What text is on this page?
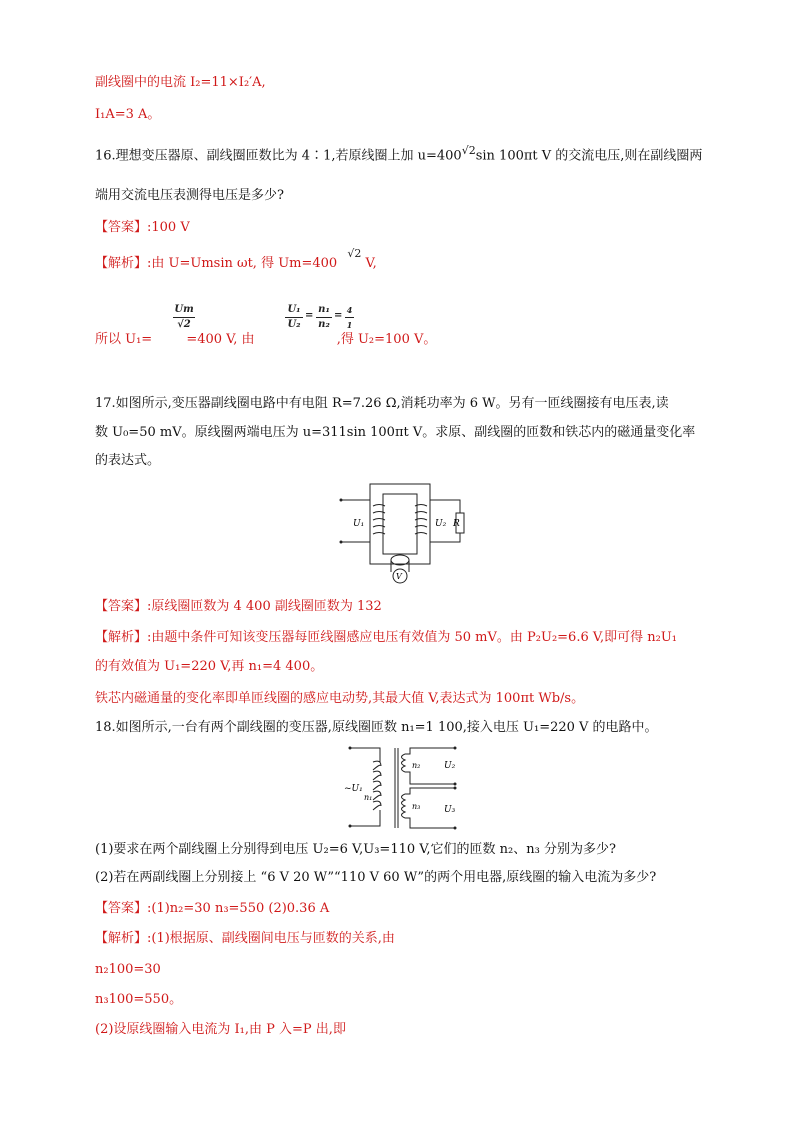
副线圈中的电流 I₂=11×I₂′A,
I₁A=3 A。
16.理想变压器原、副线圈匝数比为 4∶1,若原线圈上加 $u=400^{√2}\sin$ 100πt V 的交流电压,则在副线圈两
端用交流电压表测得电压是多少?
【答案】:100 V
【解析】:由 U=Umsin ωt, 得 Um=400 $^{√2}$ V,
Um
√2
U₁
U₂
=
n₁
n₂
= 4
1
所以 U₁=	=400 V, 由	,得 U₂=100 V。
17.如图所示,变压器副线圈电路中有电阻 R=7.26 Ω,消耗功率为 6 W。另有一匝线圈接有电压表,读
数 U₀=50 mV。原线圈两端电压为 u=311sin 100πt V。求原、副线圈的匝数和铁芯内的磁通量变化率
的表达式。
U₁	U₂ R
V
【答案】:原线圈匝数为 4 400 副线圈匝数为 132
【解析】:由题中条件可知该变压器每匝线圈感应电压有效值为 50 mV。由 P₂U₂=6.6 V,即可得 n₂U₁
的有效值为 U₁=220 V,再 n₁=4 400。
铁芯内磁通量的变化率即单匝线圈的感应电动势,其最大值 V,表达式为 100πt Wb/s。
18.如图所示,一台有两个副线圈的变压器,原线圈匝数 n₁=1 100,接入电压 U₁=220 V 的电路中。
~U₁
n₁
n₂
n₃
U₂
U₃
(1)要求在两个副线圈上分别得到电压 U₂=6 V,U₃=110 V,它们的匝数 n₂、n₃ 分别为多少?
(2)若在两副线圈上分别接上 “6 V 20 W”“110 V 60 W”的两个用电器,原线圈的输入电流为多少?
【答案】:(1)n₂=30 n₃=550 (2)0.36 A
【解析】:(1)根据原、副线圈间电压与匝数的关系,由
n₂100=30
n₃100=550。
(2)设原线圈输入电流为 I₁,由 P 入=P 出,即
